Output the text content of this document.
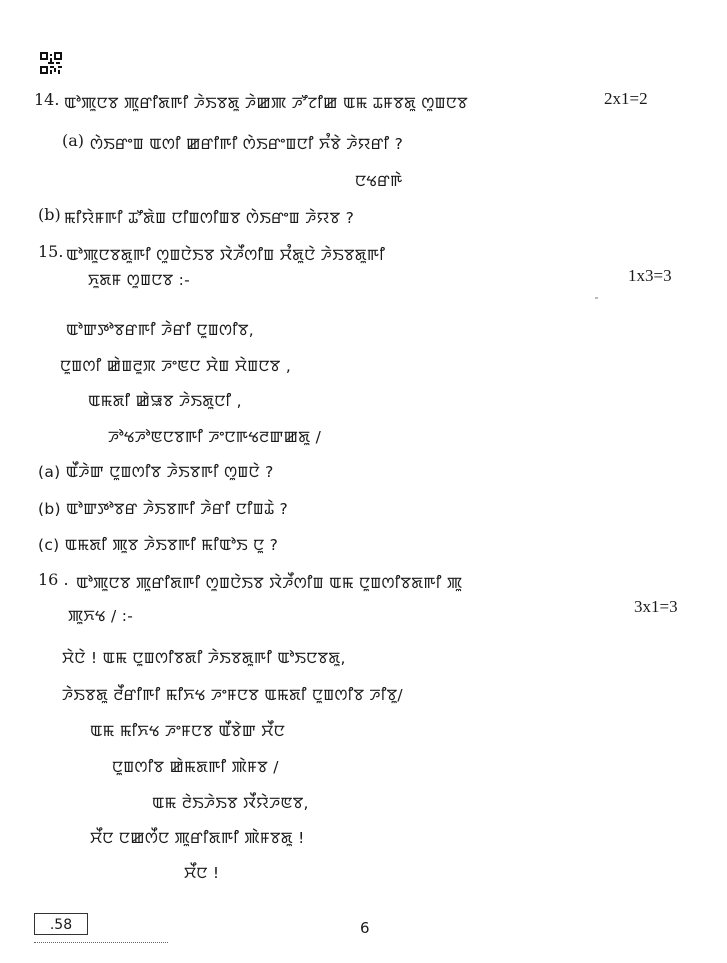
14. ꯑꯣꯄꯨꯅꯕ ꯄꯨꯔꯤꯗꯒꯤ ꯍꯥꯏꯕꯗꯨ ꯍꯥꯀꯄ ꯍꯧꯖꯤꯀ ꯑꯃ ꯊꯝꯕꯗꯨ ꯁꯨꯡꯅꯕ	2x1=2
(a) ꯁꯥꯏꯔꯦꯡ ꯑꯁꯤ ꯀꯔꯤꯒꯤ ꯁꯥꯏꯔꯦꯡꯅꯤ ꯈꯪꯕꯥ ꯍꯥꯌꯔꯤ ?
ꯅꯠꯔꯒꯥ
(b) ꯃꯤꯌꯥꯝꯒꯤ ꯊꯧꯗꯥꯡ ꯅꯤꯡꯁꯤꯡꯕ ꯁꯥꯏꯔꯦꯡ ꯍꯥꯌꯕ ?
15. ꯑꯣꯄꯨꯅꯕꯗꯨꯒꯤ ꯁꯨꯡꯅꯥꯏꯕ ꯋꯥꯍꯩꯁꯤꯡ ꯆꯪꯗꯨꯅꯥ ꯍꯥꯏꯕꯗꯨꯒꯤ
ꯈꯨꯗꯝ ꯁꯨꯡꯅꯕ :-	1x3=3
ꯑꯣꯛꯇꯣꯕꯔꯒꯤ ꯍꯥꯔꯤ ꯅꯨꯡꯁꯤꯕ,
ꯅꯨꯡꯁꯤ ꯀꯥꯡꯂꯨꯞ ꯍꯦꯟꯅ ꯆꯥꯡ ꯆꯥꯡꯅꯕ ,
ꯑꯃꯗꯤ ꯀꯥꯎꯕ ꯍꯥꯏꯗꯨꯅꯤ ,
ꯍꯣꯠꯍꯣꯟꯅꯕꯒꯤ ꯍꯦꯅꯒꯠꯂꯛꯀꯗꯨ /
(a) ꯑꯩꯍꯥꯛ ꯅꯨꯡꯁꯤꯕ ꯍꯥꯏꯕꯒꯤ ꯁꯨꯡꯅꯥ ?
(b) ꯑꯣꯛꯇꯣꯕꯔ ꯍꯥꯏꯕꯒꯤ ꯍꯥꯔꯤ ꯅꯤꯡꯊꯥ ?
(c) ꯑꯃꯗꯤ ꯄꯨꯕ ꯍꯥꯏꯕꯒꯤ ꯃꯤꯑꯣꯏ ꯅꯨ ?
16 . ꯑꯣꯄꯨꯅꯕ ꯄꯨꯔꯤꯗꯒꯤ ꯁꯨꯡꯅꯥꯏꯕ ꯋꯥꯍꯩꯁꯤꯡ ꯑꯃ ꯅꯨꯡꯁꯤꯕꯗꯒꯤ ꯄꯨ
ꯄꯨꯈꯠ / :-	3x1=3
ꯆꯥꯅꯥ ! ꯑꯃ ꯅꯨꯡꯁꯤꯕꯗꯤ ꯍꯥꯏꯕꯗꯨꯒꯤ ꯑꯣꯏꯅꯕꯗꯨ,
ꯍꯥꯏꯕꯗꯨ ꯂꯩꯔꯤꯒꯤ ꯃꯤꯈꯠ ꯍꯦꯝꯅꯕ ꯑꯃꯗꯤ ꯅꯨꯡꯁꯤꯕ ꯍꯤꯕꯨ/
ꯑꯃ ꯃꯤꯈꯠ ꯍꯦꯝꯅꯕ ꯑꯩꯕꯥꯛ ꯆꯩꯅ
ꯅꯨꯡꯁꯤꯕ ꯀꯥꯃꯗꯒꯤ ꯄꯥꯝꯕ /
ꯑꯃ ꯂꯥꯏꯍꯥꯏꯕ ꯋꯩꯌꯥꯍꯟꯕ,
ꯆꯩꯅ ꯅꯀꯁꯩꯅ ꯄꯨꯔꯤꯗꯒꯤ ꯄꯥꯝꯕꯗꯨ !
ꯆꯩꯅ !
.58	6
